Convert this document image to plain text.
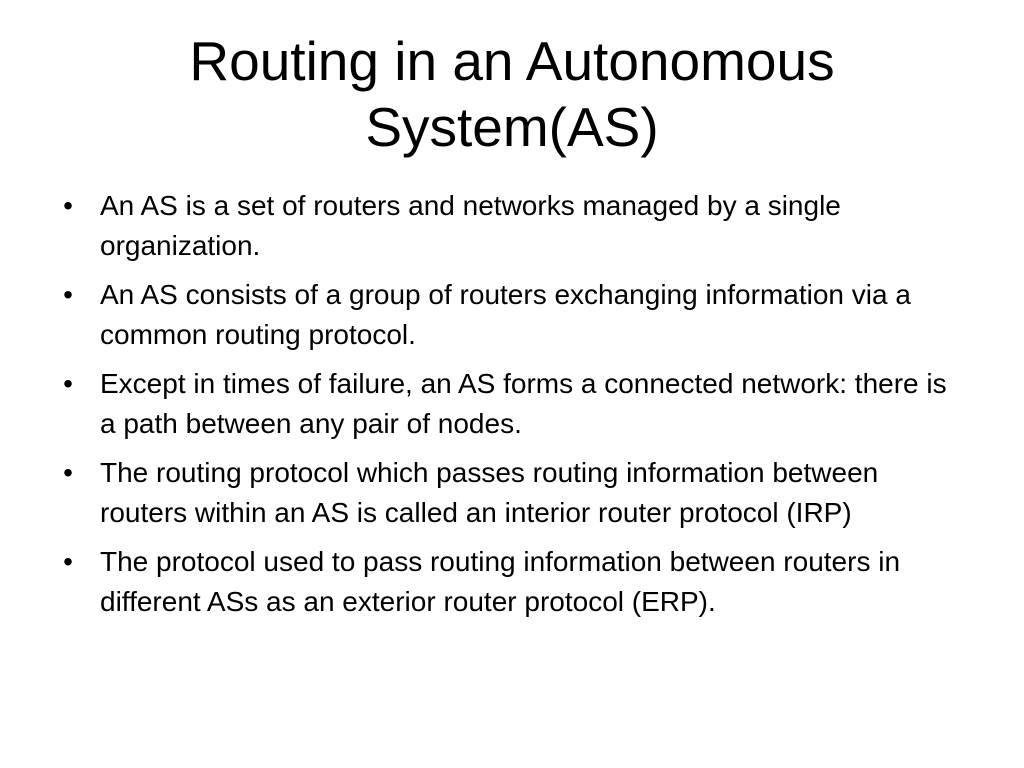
Routing in an Autonomous System(AS)
• An AS is a set of routers and networks managed by a single organization.
• An AS consists of a group of routers exchanging information via a common routing protocol.
• Except in times of failure, an AS forms a connected network: there is a path between any pair of nodes.
• The routing protocol which passes routing information between routers within an AS is called an interior router protocol (IRP)
• The protocol used to pass routing information between routers in different ASs as an exterior router protocol (ERP).
